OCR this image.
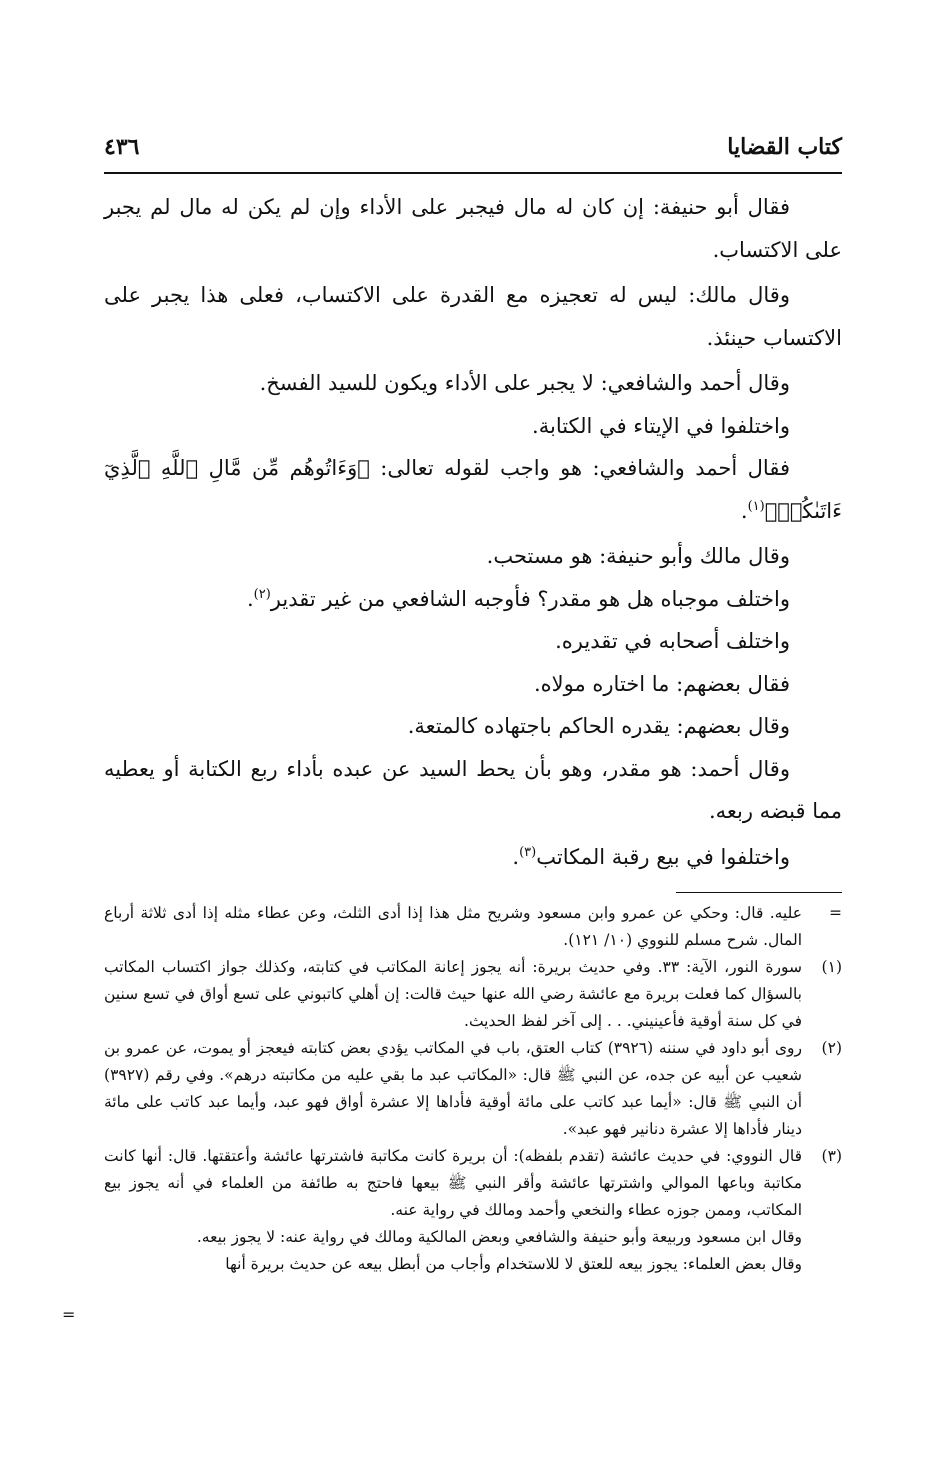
كتاب القضايا
٤٣٦

فقال أبو حنيفة: إن كان له مال فيجبر على الأداء وإن لم يكن له مال لم يجبر على الاكتساب.

وقال مالك: ليس له تعجيزه مع القدرة على الاكتساب، فعلى هذا يجبر على الاكتساب حينئذ.

وقال أحمد والشافعي: لا يجبر على الأداء ويكون للسيد الفسخ.

واختلفوا في الإيتاء في الكتابة.

فقال أحمد والشافعي: هو واجب لقوله تعالى: ﴿وَءَاتُوهُم مِّن مَّالِ ٱللَّهِ ٱلَّذِيٓ ءَاتَىٰكُمۡ﴾$^{(١)}$.

وقال مالك وأبو حنيفة: هو مستحب.

واختلف موجباه هل هو مقدر؟ فأوجبه الشافعي من غير تقدير$^{(٢)}$.

واختلف أصحابه في تقديره.

فقال بعضهم: ما اختاره مولاه.

وقال بعضهم: يقدره الحاكم باجتهاده كالمتعة.

وقال أحمد: هو مقدر، وهو بأن يحط السيد عن عبده بأداء ربع الكتابة أو يعطيه مما قبضه ربعه.

واختلفوا في بيع رقبة المكاتب$^{(٣)}$.

=
عليه. قال: وحكي عن عمرو وابن مسعود وشريح مثل هذا إذا أدى الثلث، وعن عطاء مثله إذا أدى ثلاثة أرباع المال. شرح مسلم للنووي (١٠/ ١٢١).

(١)
سورة النور، الآية: ٣٣. وفي حديث بريرة: أنه يجوز إعانة المكاتب في كتابته، وكذلك جواز اكتساب المكاتب بالسؤال كما فعلت بريرة مع عائشة رضي الله عنها حيث قالت: إن أهلي كاتبوني على تسع أواق في تسع سنين في كل سنة أوقية فأعينيني. . . إلى آخر لفظ الحديث.

(٢)
روى أبو داود في سننه (٣٩٢٦) كتاب العتق، باب في المكاتب يؤدي بعض كتابته فيعجز أو يموت، عن عمرو بن شعيب عن أبيه عن جده، عن النبي ﷺ قال: «المكاتب عبد ما بقي عليه من مكاتبته درهم». وفي رقم (٣٩٢٧) أن النبي ﷺ قال: «أيما عبد كاتب على مائة أوقية فأداها إلا عشرة أواق فهو عبد، وأيما عبد كاتب على مائة دينار فأداها إلا عشرة دنانير فهو عبد».

(٣)
قال النووي: في حديث عائشة (تقدم بلفظه): أن بريرة كانت مكاتبة فاشترتها عائشة وأعتقتها. قال: أنها كانت مكاتبة وباعها الموالي واشترتها عائشة وأقر النبي ﷺ بيعها فاحتج به طائفة من العلماء في أنه يجوز بيع المكاتب، وممن جوزه عطاء والنخعي وأحمد ومالك في رواية عنه.

وقال ابن مسعود وربيعة وأبو حنيفة والشافعي وبعض المالكية ومالك في رواية عنه: لا يجوز بيعه.

وقال بعض العلماء: يجوز بيعه للعتق لا للاستخدام وأجاب من أبطل بيعه عن حديث بريرة أنها

=
